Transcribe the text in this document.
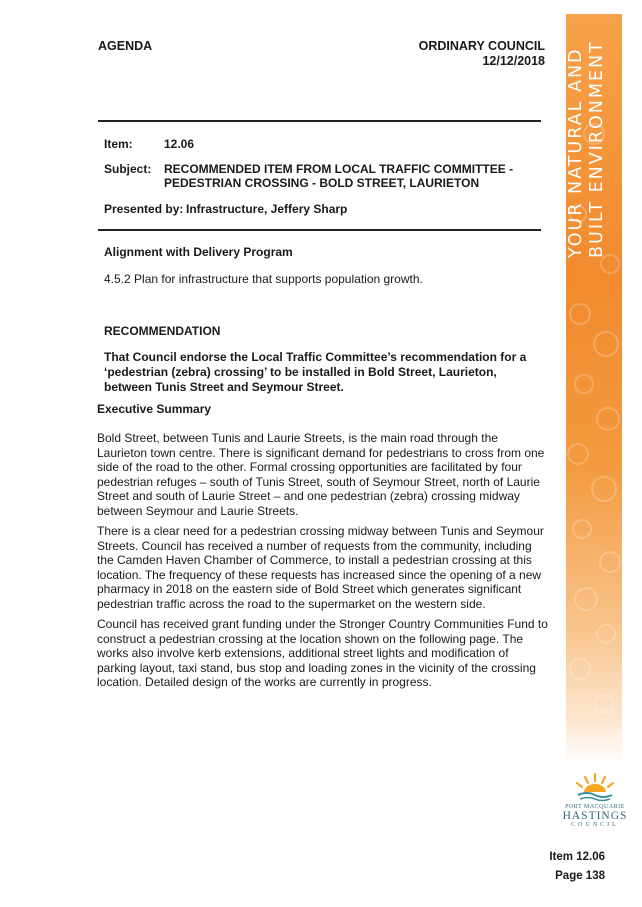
AGENDA	ORDINARY COUNCIL
12/12/2018
Item:	12.06
Subject: RECOMMENDED ITEM FROM LOCAL TRAFFIC COMMITTEE -
PEDESTRIAN CROSSING - BOLD STREET, LAURIETON
Presented by: Infrastructure, Jeffery Sharp
Alignment with Delivery Program
4.5.2 Plan for infrastructure that supports population growth.
RECOMMENDATION
That Council endorse the Local Traffic Committee’s recommendation for a
‘pedestrian (zebra) crossing’ to be installed in Bold Street, Laurieton,
between Tunis Street and Seymour Street.
Executive Summary
Bold Street, between Tunis and Laurie Streets, is the main road through the
Laurieton town centre. There is significant demand for pedestrians to cross from one
side of the road to the other. Formal crossing opportunities are facilitated by four
pedestrian refuges – south of Tunis Street, south of Seymour Street, north of Laurie
Street and south of Laurie Street – and one pedestrian (zebra) crossing midway
between Seymour and Laurie Streets.
There is a clear need for a pedestrian crossing midway between Tunis and Seymour
Streets. Council has received a number of requests from the community, including
the Camden Haven Chamber of Commerce, to install a pedestrian crossing at this
location. The frequency of these requests has increased since the opening of a new
pharmacy in 2018 on the eastern side of Bold Street which generates significant
pedestrian traffic across the road to the supermarket on the western side.
Council has received grant funding under the Stronger Country Communities Fund to
construct a pedestrian crossing at the location shown on the following page. The
works also involve kerb extensions, additional street lights and modification of
parking layout, taxi stand, bus stop and loading zones in the vicinity of the crossing
location. Detailed design of the works are currently in progress.
YOUR NATURAL AND BUILT ENVIRONMENT
PORT MACQUARIE
HASTINGS
COUNCIL
Item 12.06
Page 138
